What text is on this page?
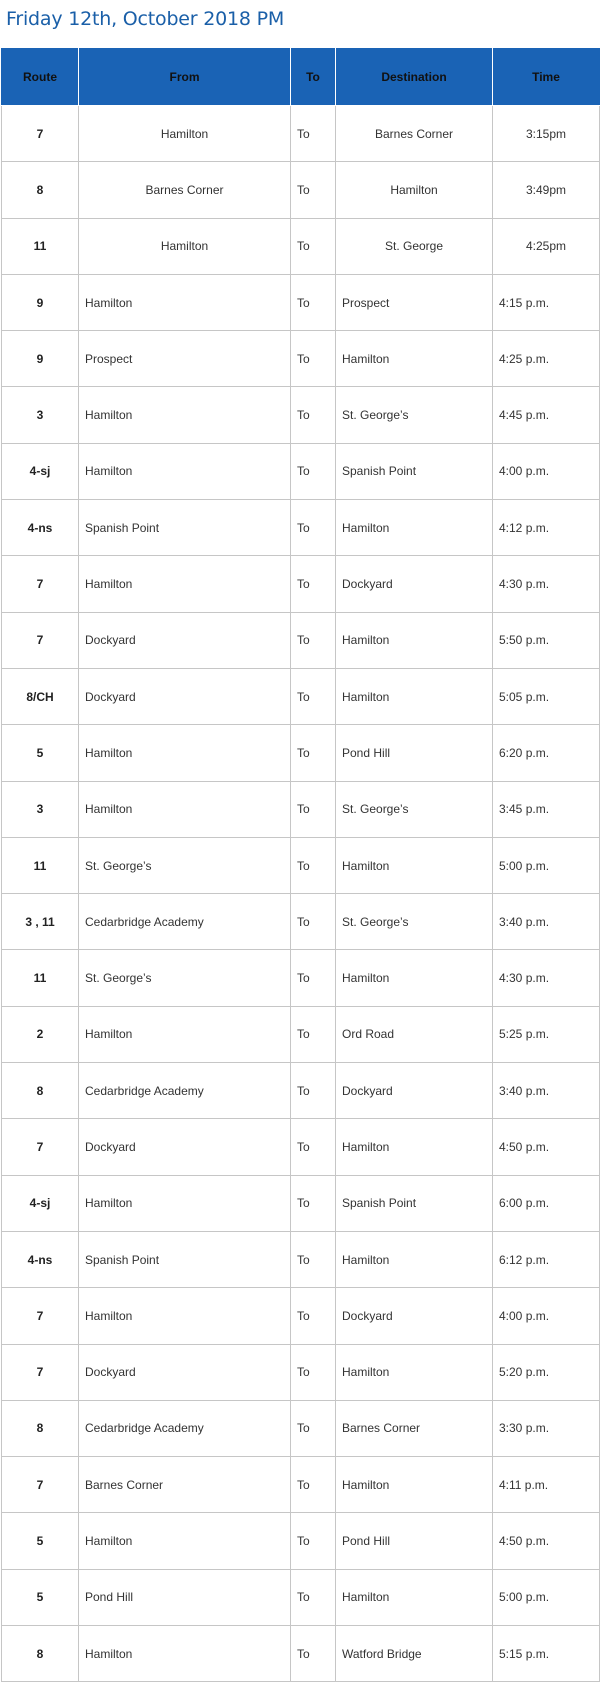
Friday 12th, October 2018 PM
Route	From	To	Destination	Time
7	Hamilton	To	Barnes Corner	3:15pm
8	Barnes Corner	To	Hamilton	3:49pm
11	Hamilton	To	St. George	4:25pm
9	Hamilton	To	Prospect	4:15 p.m.
9	Prospect	To	Hamilton	4:25 p.m.
3	Hamilton	To	St. George’s	4:45 p.m.
4-sj	Hamilton	To	Spanish Point	4:00 p.m.
4-ns	Spanish Point	To	Hamilton	4:12 p.m.
7	Hamilton	To	Dockyard	4:30 p.m.
7	Dockyard	To	Hamilton	5:50 p.m.
8/CH	Dockyard	To	Hamilton	5:05 p.m.
5	Hamilton	To	Pond Hill	6:20 p.m.
3	Hamilton	To	St. George’s	3:45 p.m.
11	St. George’s	To	Hamilton	5:00 p.m.
3 , 11	Cedarbridge Academy	To	St. George’s	3:40 p.m.
11	St. George’s	To	Hamilton	4:30 p.m.
2	Hamilton	To	Ord Road	5:25 p.m.
8	Cedarbridge Academy	To	Dockyard	3:40 p.m.
7	Dockyard	To	Hamilton	4:50 p.m.
4-sj	Hamilton	To	Spanish Point	6:00 p.m.
4-ns	Spanish Point	To	Hamilton	6:12 p.m.
7	Hamilton	To	Dockyard	4:00 p.m.
7	Dockyard	To	Hamilton	5:20 p.m.
8	Cedarbridge Academy	To	Barnes Corner	3:30 p.m.
7	Barnes Corner	To	Hamilton	4:11 p.m.
5	Hamilton	To	Pond Hill	4:50 p.m.
5	Pond Hill	To	Hamilton	5:00 p.m.
8	Hamilton	To	Watford Bridge	5:15 p.m.
